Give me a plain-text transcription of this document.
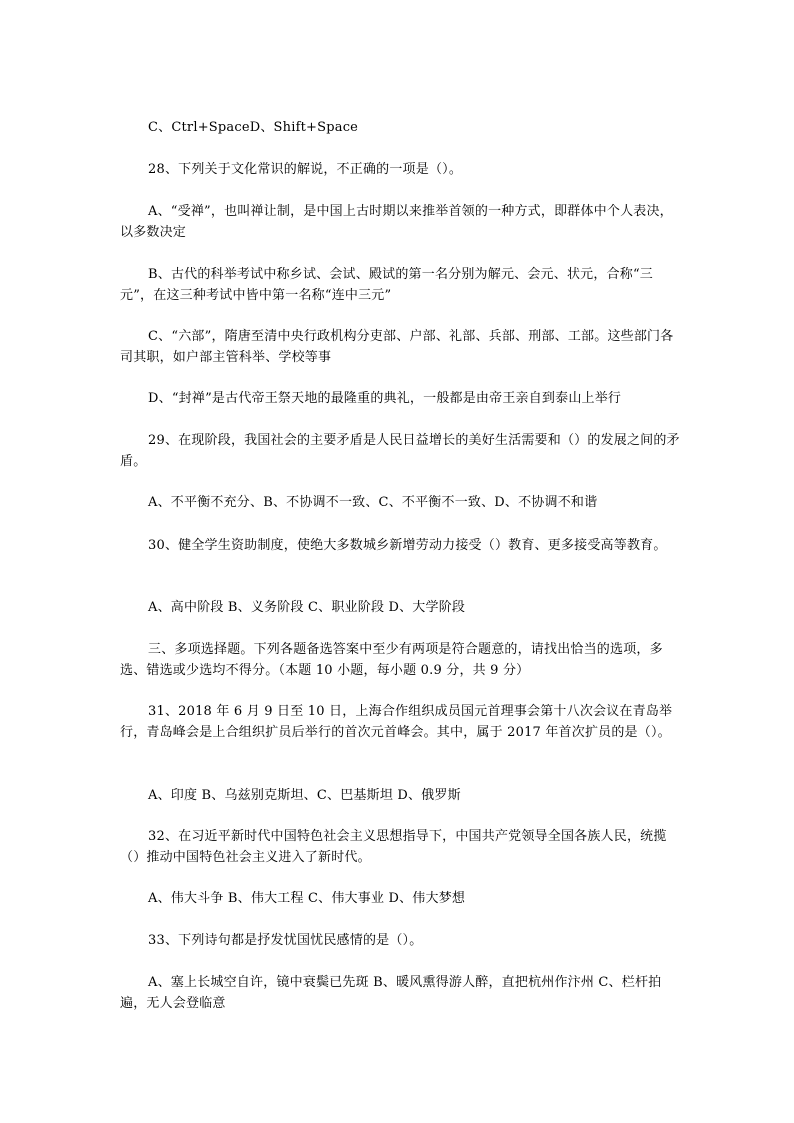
C、Ctrl+SpaceD、Shift+Space

28、下列关于文化常识的解说，不正确的一项是（）。

A、“受禅”，也叫禅让制，是中国上古时期以来推举首领的一种方式，即群体中个人表决，以多数决定

B、古代的科举考试中称乡试、会试、殿试的第一名分别为解元、会元、状元，合称“三元”，在这三种考试中皆中第一名称“连中三元”

C、“六部”，隋唐至清中央行政机构分吏部、户部、礼部、兵部、刑部、工部。这些部门各司其职，如户部主管科举、学校等事

D、“封禅”是古代帝王祭天地的最隆重的典礼，一般都是由帝王亲自到泰山上举行

29、在现阶段，我国社会的主要矛盾是人民日益增长的美好生活需要和（）的发展之间的矛盾。

A、不平衡不充分、B、不协调不一致、C、不平衡不一致、D、不协调不和谐

30、健全学生资助制度，使绝大多数城乡新增劳动力接受（）教育、更多接受高等教育。

A、高中阶段 B、义务阶段 C、职业阶段 D、大学阶段

三、多项选择题。下列各题备选答案中至少有两项是符合题意的，请找出恰当的选项，多选、错选或少选均不得分。（本题 10 小题，每小题 0.9 分，共 9 分）

31、2018 年 6 月 9 日至 10 日，上海合作组织成员国元首理事会第十八次会议在青岛举行，青岛峰会是上合组织扩员后举行的首次元首峰会。其中，属于 2017 年首次扩员的是（）。

A、印度 B、乌兹别克斯坦、C、巴基斯坦 D、俄罗斯

32、在习近平新时代中国特色社会主义思想指导下，中国共产党领导全国各族人民，统揽（）推动中国特色社会主义进入了新时代。

A、伟大斗争 B、伟大工程 C、伟大事业 D、伟大梦想

33、下列诗句都是抒发忧国忧民感情的是（）。

A、塞上长城空自许，镜中衰鬓已先斑 B、暖风熏得游人醉，直把杭州作汴州 C、栏杆拍遍，无人会登临意
